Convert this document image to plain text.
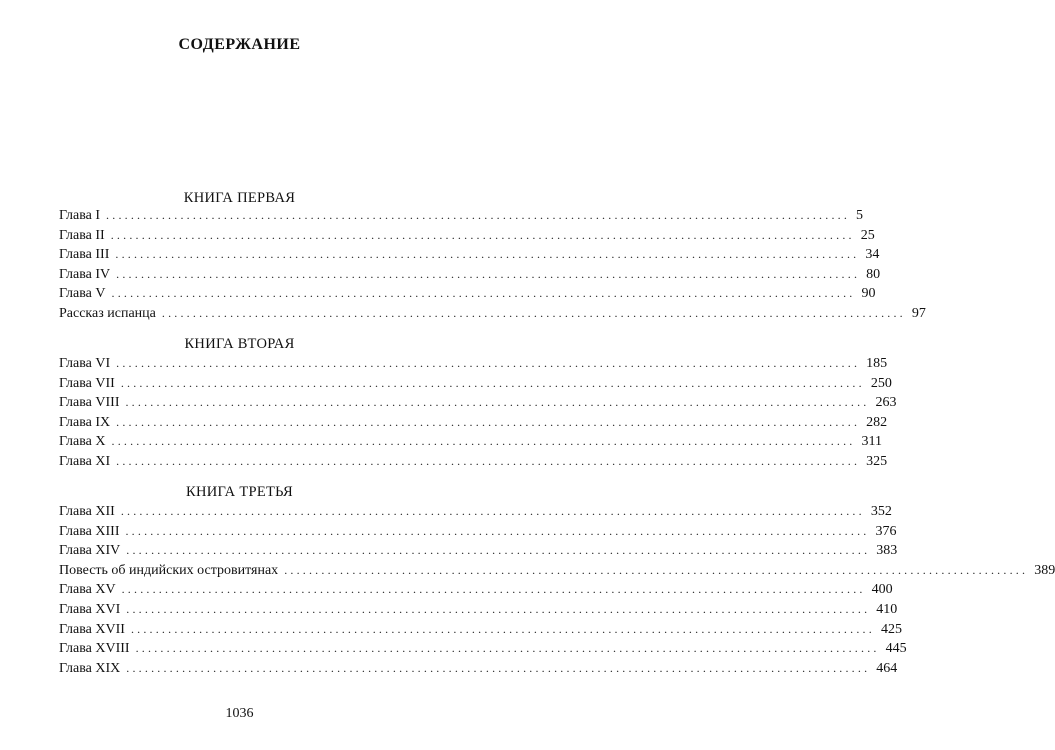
СОДЕРЖАНИЕ
КНИГА ПЕРВАЯ
Глава I ........................................................................................................................ 5
Глава II ........................................................................................................................ 25
Глава III ........................................................................................................................ 34
Глава IV ........................................................................................................................ 80
Глава V ........................................................................................................................ 90
Рассказ испанца ........................................................................................................................ 97
КНИГА ВТОРАЯ
Глава VI ........................................................................................................................ 185
Глава VII ........................................................................................................................ 250
Глава VIII ........................................................................................................................ 263
Глава IX ........................................................................................................................ 282
Глава X ........................................................................................................................ 311
Глава XI ........................................................................................................................ 325
КНИГА ТРЕТЬЯ
Глава XII ........................................................................................................................ 352
Глава XIII ........................................................................................................................ 376
Глава XIV ........................................................................................................................ 383
Повесть об индийских островитянах ........................................................................................................................ 389
Глава XV ........................................................................................................................ 400
Глава XVI ........................................................................................................................ 410
Глава XVII ........................................................................................................................ 425
Глава XVIII ........................................................................................................................ 445
Глава XIX ........................................................................................................................ 464
1036
